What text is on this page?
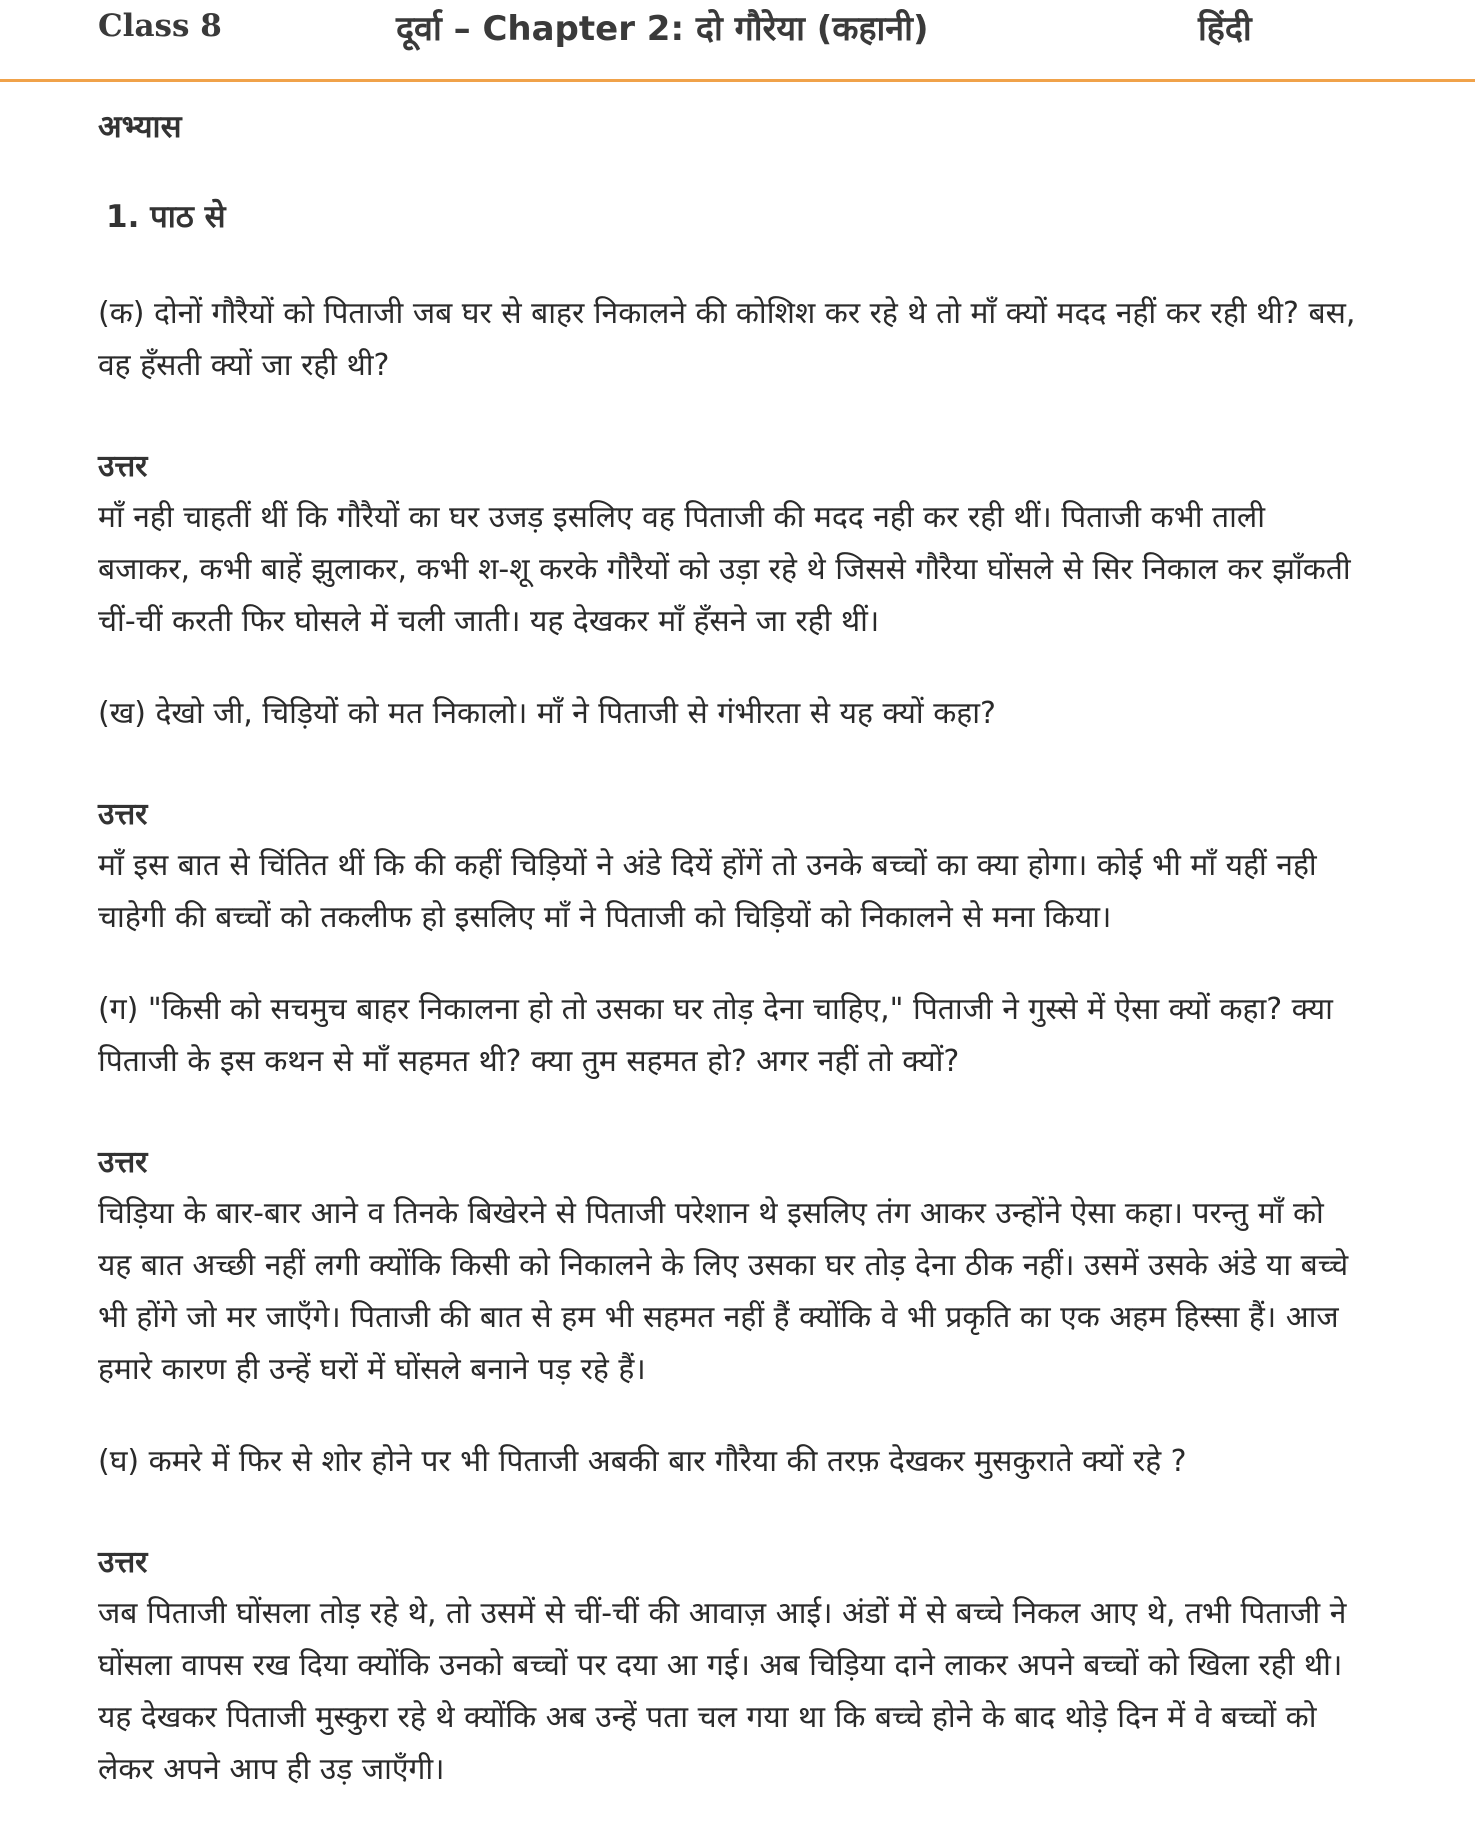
Class 8	दूर्वा – Chapter 2: दो गौरेया (कहानी)	हिंदी
अभ्यास
1. पाठ से

(क) दोनों गौरैयों को पिताजी जब घर से बाहर निकालने की कोशिश कर रहे थे तो माँ क्यों मदद नहीं कर रही थी? बस, वह हँसती क्यों जा रही थी?

उत्तर

माँ नही चाहतीं थीं कि गौरैयों का घर उजड़ इसलिए वह पिताजी की मदद नही कर रही थीं। पिताजी कभी ताली बजाकर, कभी बाहें झुलाकर, कभी श-शू करके गौरैयों को उड़ा रहे थे जिससे गौरैया घोंसले से सिर निकाल कर झाँकती चीं-चीं करती फिर घोसले में चली जाती। यह देखकर माँ हँसने जा रही थीं।

(ख) देखो जी, चिड़ियों को मत निकालो। माँ ने पिताजी से गंभीरता से यह क्यों कहा?

उत्तर

माँ इस बात से चिंतित थीं कि की कहीं चिड़ियों ने अंडे दियें होंगें तो उनके बच्चों का क्या होगा। कोई भी माँ यहीं नही चाहेगी की बच्चों को तकलीफ हो इसलिए माँ ने पिताजी को चिड़ियों को निकालने से मना किया।

(ग) "किसी को सचमुच बाहर निकालना हो तो उसका घर तोड़ देना चाहिए," पिताजी ने गुस्से में ऐसा क्यों कहा? क्या पिताजी के इस कथन से माँ सहमत थी? क्या तुम सहमत हो? अगर नहीं तो क्यों?

उत्तर

चिड़िया के बार-बार आने व तिनके बिखेरने से पिताजी परेशान थे इसलिए तंग आकर उन्होंने ऐसा कहा। परन्तु माँ को यह बात अच्छी नहीं लगी क्योंकि किसी को निकालने के लिए उसका घर तोड़ देना ठीक नहीं। उसमें उसके अंडे या बच्चे भी होंगे जो मर जाएँगे। पिताजी की बात से हम भी सहमत नहीं हैं क्योंकि वे भी प्रकृति का एक अहम हिस्सा हैं। आज हमारे कारण ही उन्हें घरों में घोंसले बनाने पड़ रहे हैं।

(घ) कमरे में फिर से शोर होने पर भी पिताजी अबकी बार गौरैया की तरफ़ देखकर मुसकुराते क्यों रहे ?

उत्तर

जब पिताजी घोंसला तोड़ रहे थे, तो उसमें से चीं-चीं की आवाज़ आई। अंडों में से बच्चे निकल आए थे, तभी पिताजी ने घोंसला वापस रख दिया क्योंकि उनको बच्चों पर दया आ गई। अब चिड़िया दाने लाकर अपने बच्चों को खिला रही थी। यह देखकर पिताजी मुस्कुरा रहे थे क्योंकि अब उन्हें पता चल गया था कि बच्चे होने के बाद थोड़े दिन में वे बच्चों को लेकर अपने आप ही उड़ जाएँगी।
